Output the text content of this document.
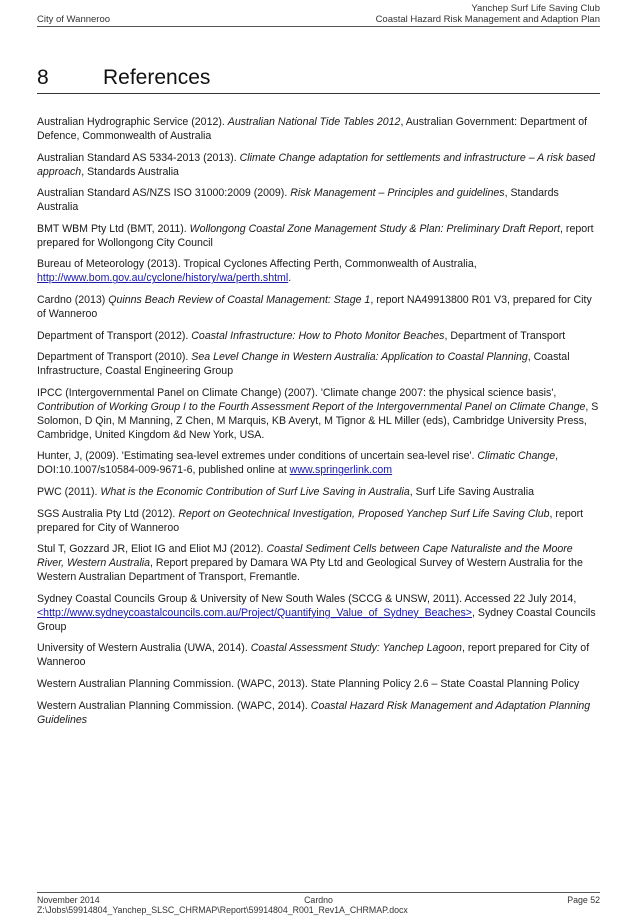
Yanchep Surf Life Saving Club
City of Wanneroo	Coastal Hazard Risk Management and Adaption Plan
8	References

Australian Hydrographic Service (2012). Australian National Tide Tables 2012, Australian Government: Department of Defence, Commonwealth of Australia

Australian Standard AS 5334-2013 (2013). Climate Change adaptation for settlements and infrastructure – A risk based approach, Standards Australia

Australian Standard AS/NZS ISO 31000:2009 (2009). Risk Management – Principles and guidelines, Standards Australia

BMT WBM Pty Ltd (BMT, 2011). Wollongong Coastal Zone Management Study & Plan: Preliminary Draft Report, report prepared for Wollongong City Council

Bureau of Meteorology (2013). Tropical Cyclones Affecting Perth, Commonwealth of Australia, http://www.bom.gov.au/cyclone/history/wa/perth.shtml.

Cardno (2013) Quinns Beach Review of Coastal Management: Stage 1, report NA49913800 R01 V3, prepared for City of Wanneroo

Department of Transport (2012). Coastal Infrastructure: How to Photo Monitor Beaches, Department of Transport

Department of Transport (2010). Sea Level Change in Western Australia: Application to Coastal Planning, Coastal Infrastructure, Coastal Engineering Group

IPCC (Intergovernmental Panel on Climate Change) (2007). 'Climate change 2007: the physical science basis', Contribution of Working Group I to the Fourth Assessment Report of the Intergovernmental Panel on Climate Change, S Solomon, D Qin, M Manning, Z Chen, M Marquis, KB Averyt, M Tignor & HL Miller (eds), Cambridge University Press, Cambridge, United Kingdom &d New York, USA.

Hunter, J, (2009). 'Estimating sea-level extremes under conditions of uncertain sea-level rise'. Climatic Change, DOI:10.1007/s10584-009-9671-6, published online at www.springerlink.com

PWC (2011). What is the Economic Contribution of Surf Live Saving in Australia, Surf Life Saving Australia

SGS Australia Pty Ltd (2012). Report on Geotechnical Investigation, Proposed Yanchep Surf Life Saving Club, report prepared for City of Wanneroo

Stul T, Gozzard JR, Eliot IG and Eliot MJ (2012). Coastal Sediment Cells between Cape Naturaliste and the Moore River, Western Australia, Report prepared by Damara WA Pty Ltd and Geological Survey of Western Australia for the Western Australian Department of Transport, Fremantle.

Sydney Coastal Councils Group & University of New South Wales (SCCG & UNSW, 2011). Accessed 22 July 2014, <http://www.sydneycoastalcouncils.com.au/Project/Quantifying_Value_of_Sydney_Beaches>, Sydney Coastal Councils Group

University of Western Australia (UWA, 2014). Coastal Assessment Study: Yanchep Lagoon, report prepared for City of Wanneroo

Western Australian Planning Commission. (WAPC, 2013). State Planning Policy 2.6 – State Coastal Planning Policy

Western Australian Planning Commission. (WAPC, 2014). Coastal Hazard Risk Management and Adaptation Planning Guidelines

November 2014	Cardno	Page 52
Z:\Jobs\59914804_Yanchep_SLSC_CHRMAP\Report\59914804_R001_Rev1A_CHRMAP.docx
